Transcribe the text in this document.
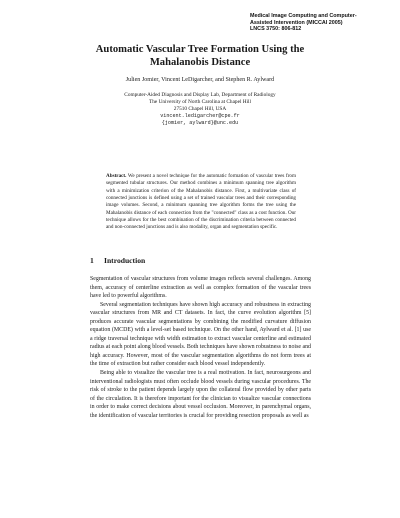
Medical Image Computing and Computer-
Assisted Intervention (MICCAI 2005)
LNCS 3750: 806-812
Automatic Vascular Tree Formation Using the
Mahalanobis Distance
Julien Jomier, Vincent LeDigarcher, and Stephen R. Aylward
Computer-Aided Diagnosis and Display Lab, Department of Radiology
The University of North Carolina at Chapel Hill
27510 Chapel Hill, USA
vincent.ledigarcher@cpe.fr
{jomier, aylward}@unc.edu
Abstract. We present a novel technique for the automatic formation of vascular trees from segmented tubular structures. Our method combines a minimum spanning tree algorithm with a minimization criterion of the Mahalanobis distance. First, a multivariate class of connected junctions is defined using a set of trained vascular trees and their corresponding image volumes. Second, a minimum spanning tree algorithm forms the tree using the Mahalanobis distance of each connection from the "connected" class as a cost function. Our technique allows for the best combination of the discrimination criteria between connected and non-connected junctions and is also modality, organ and segmentation specific.
1 Introduction

Segmentation of vascular structures from volume images reflects several challenges. Among them, accuracy of centerline extraction as well as complex formation of the vascular trees have led to powerful algorithms.

Several segmentation techniques have shown high accuracy and robustness in extracting vascular structures from MR and CT datasets. In fact, the curve evolution algorithm [5] produces accurate vascular segmentations by combining the modified curvature diffusion equation (MCDE) with a level-set based technique. On the other hand, Aylward et al. [1] use a ridge traversal technique with width estimation to extract vascular centerline and estimated radius at each point along blood vessels. Both techniques have shown robustness to noise and high accuracy. However, most of the vascular segmentation algorithms do not form trees at the time of extraction but rather consider each blood vessel independently.

Being able to visualize the vascular tree is a real motivation. In fact, neurosurgeons and interventional radiologists must often occlude blood vessels during vascular procedures. The risk of stroke to the patient depends largely upon the collateral flow provided by other parts of the circulation. It is therefore important for the clinician to visualize vascular connections in order to make correct decisions about vessel occlusion. Moreover, in parenchymal organs, the identification of vascular territories is crucial for providing resection proposals as well as
